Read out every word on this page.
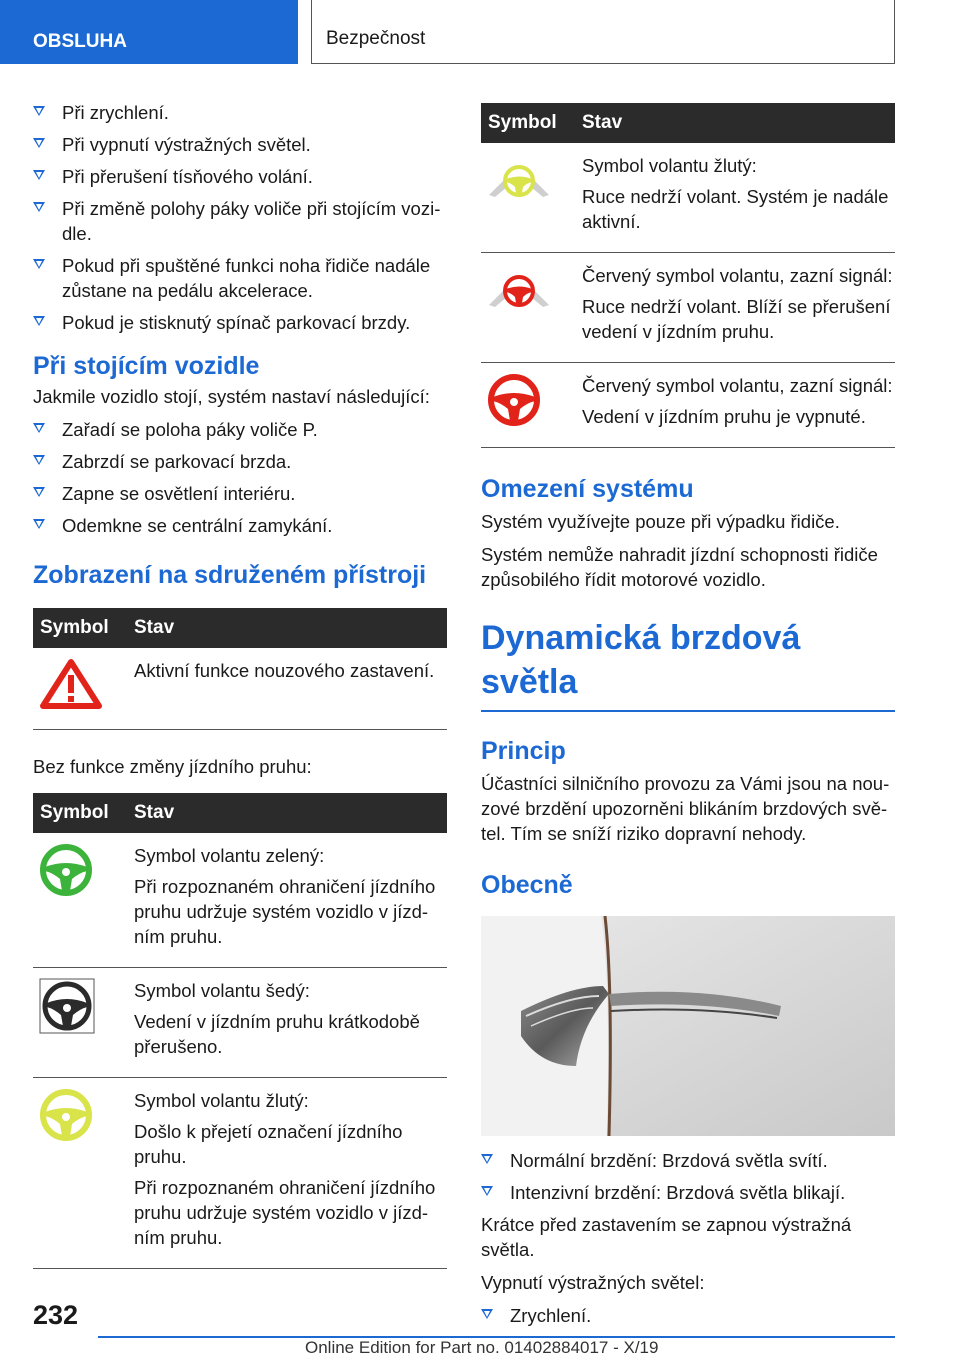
OBSLUHA	Bezpečnost
Při zrychlení.
Při vypnutí výstražných světel.
Při přerušení tísňového volání.
Při změně polohy páky voliče při stojícím vozi‐dle.
Pokud při spuštěné funkci noha řidiče nadále zůstane na pedálu akcelerace.
Pokud je stisknutý spínač parkovací brzdy.
Při stojícím vozidle

Jakmile vozidlo stojí, systém nastaví následující:

Zařadí se poloha páky voliče P.
Zabrzdí se parkovací brzda.
Zapne se osvětlení interiéru.
Odemkne se centrální zamykání.
Zobrazení na sdruženém přístroji
Symbol	Stav

Aktivní funkce nouzového zastavení.

Bez funkce změny jízdního pruhu:

Symbol	Stav

Symbol volantu zelený:

Při rozpoznaném ohraničení jízdního pruhu udržuje systém vozidlo v jízd‐ním pruhu.

Symbol volantu šedý:

Vedení v jízdním pruhu krátkodobě přerušeno.

Symbol volantu žlutý:

Došlo k přejetí označení jízdního pruhu.

Při rozpoznaném ohraničení jízdního pruhu udržuje systém vozidlo v jízd‐ním pruhu.

Symbol	Stav

Symbol volantu žlutý:

Ruce nedrží volant. Systém je nadále aktivní.

Červený symbol volantu, zazní signál:

Ruce nedrží volant. Blíží se přerušení vedení v jízdním pruhu.

Červený symbol volantu, zazní signál:

Vedení v jízdním pruhu je vypnuté.

Omezení systému

Systém využívejte pouze při výpadku řidiče.

Systém nemůže nahradit jízdní schopnosti řidiče způsobilého řídit motorové vozidlo.

Dynamická brzdová světla
Princip

Účastníci silničního provozu za Vámi jsou na nou‐zové brzdění upozorněni blikáním brzdových svě‐tel. Tím se sníží riziko dopravní nehody.

Obecně
Normální brzdění: Brzdová světla svítí.
Intenzivní brzdění: Brzdová světla blikají.

Krátce před zastavením se zapnou výstražná světla.

Vypnutí výstražných světel:

Zrychlení.
232
Online Edition for Part no. 01402884017 - X/19
